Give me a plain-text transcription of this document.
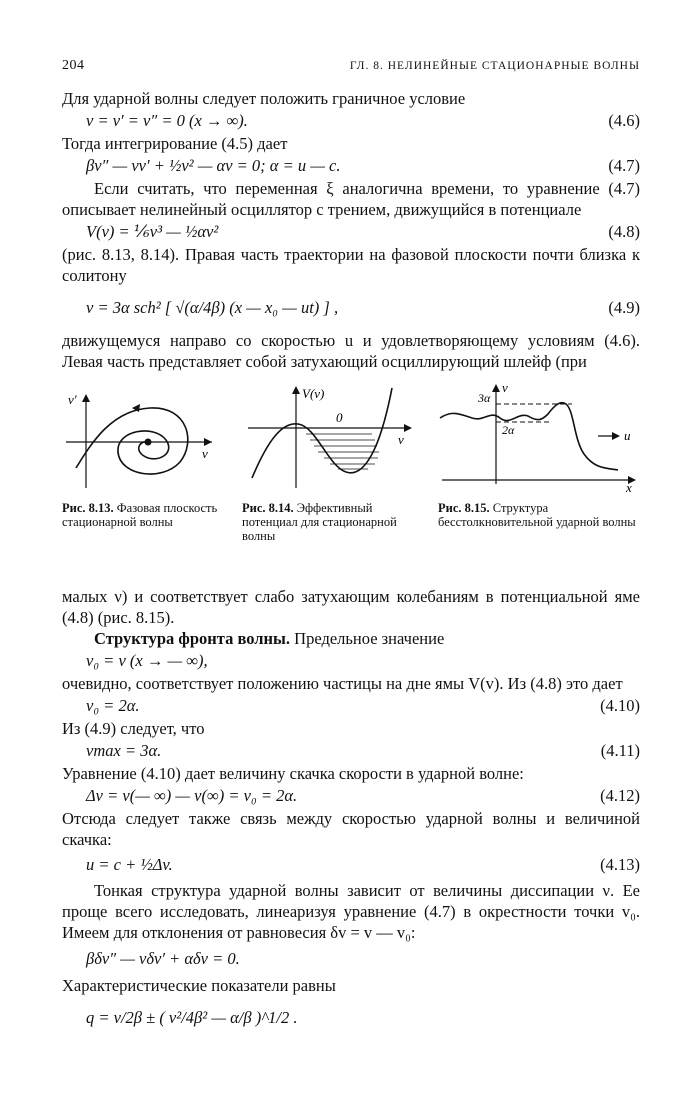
204	ГЛ. 8. НЕЛИНЕЙНЫЕ СТАЦИОНАРНЫЕ ВОЛНЫ

Для ударной волны следует положить граничное условие

v = v′ = v″ = 0 (x → ∞).	(4.6)

Тогда интегрирование (4.5) дает

βv″ — vv′ + ½v² — αv = 0; α = u — c.	(4.7)

Если считать, что переменная ξ аналогична времени, то уравнение (4.7) описывает нелинейный осциллятор с трением, движущийся в потенциале

V(v) = ⅙v³ — ½αv²	(4.8)

(рис. 8.13, 8.14). Правая часть траектории на фазовой плоскости почти близка к солитону

v = 3α sch² [ √(α/4β) (x — x₀ — ut) ] ,	(4.9)

движущемуся направо со скоростью u и удовлетворяющему условиям (4.6). Левая часть представляет собой затухающий осциллирующий шлейф (при

v′
v
Рис. 8.13. Фазовая плоскость стационарной волны
V(v)
v
0
Рис. 8.14. Эффективный потенциал для стационарной волны
v
x
3α
2α	u
Рис. 8.15. Структура бесстолкновительной ударной волны

малых ν) и соответствует слабо затухающим колебаниям в потенциальной яме (4.8) (рис. 8.15).

Структура фронта волны. Предельное значение

v₀ = v (x → — ∞),

очевидно, соответствует положению частицы на дне ямы V(v). Из (4.8) это дает

v₀ = 2α.	(4.10)

Из (4.9) следует, что

vmax = 3α.	(4.11)

Уравнение (4.10) дает величину скачка скорости в ударной волне:

Δv = v(— ∞) — v(∞) = v₀ = 2α.	(4.12)

Отсюда следует также связь между скоростью ударной волны и величиной скачка:

u = c + ½Δv.	(4.13)

Тонкая структура ударной волны зависит от величины диссипации ν. Ее проще всего исследовать, линеаризуя уравнение (4.7) в окрестности точки v₀. Имеем для отклонения от равновесия δv = v — v₀:

βδv″ — νδv′ + αδv = 0.

Характеристические показатели равны

q = ν/2β ± ( ν²/4β² — α/β )^1/2 .
